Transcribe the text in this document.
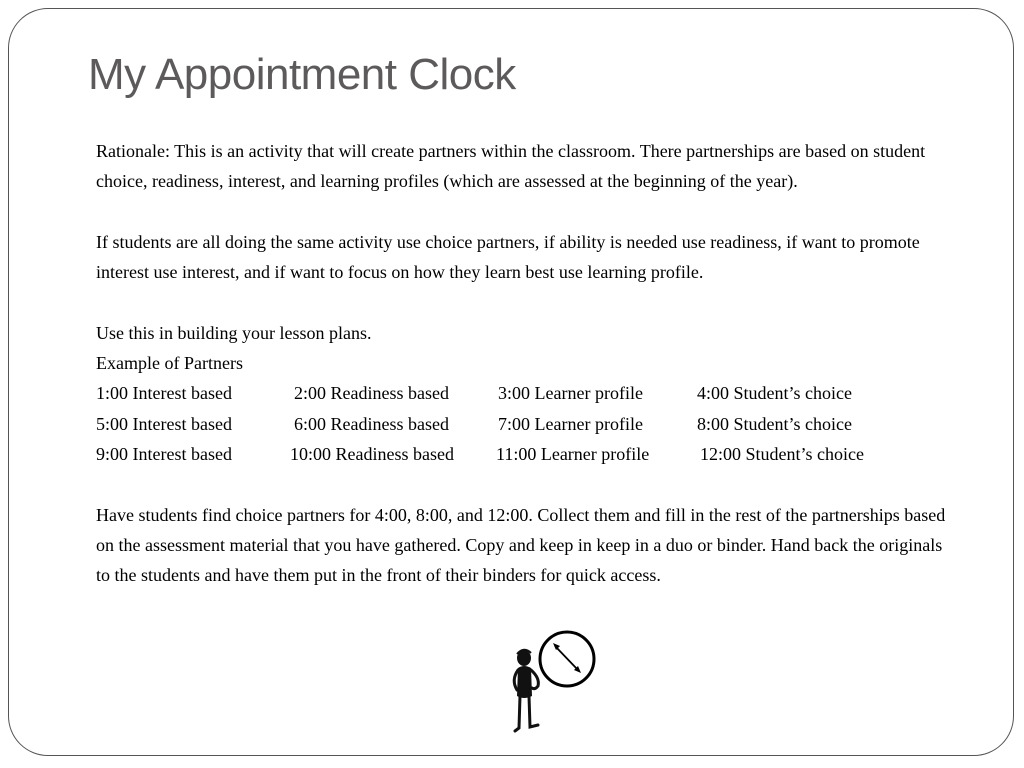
My Appointment Clock

Rationale: This is an activity that will create partners within the classroom. There partnerships are based on student choice, readiness, interest, and learning profiles (which are assessed at the beginning of the year).

If students are all doing the same activity use choice partners, if ability is needed use readiness, if want to promote interest use interest, and if want to focus on how they learn best use learning profile.

Use this in building your lesson plans.

Example of Partners

1:00 Interest based	2:00 Readiness based	3:00 Learner profile	4:00 Student’s choice
5:00 Interest based	6:00 Readiness based	7:00 Learner profile	8:00 Student’s choice
9:00 Interest based	10:00 Readiness based 11:00 Learner profile	12:00 Student’s choice

Have students find choice partners for 4:00, 8:00, and 12:00. Collect them and fill in the rest of the partnerships based on the assessment material that you have gathered. Copy and keep in keep in a duo or binder. Hand back the originals to the students and have them put in the front of their binders for quick access.
